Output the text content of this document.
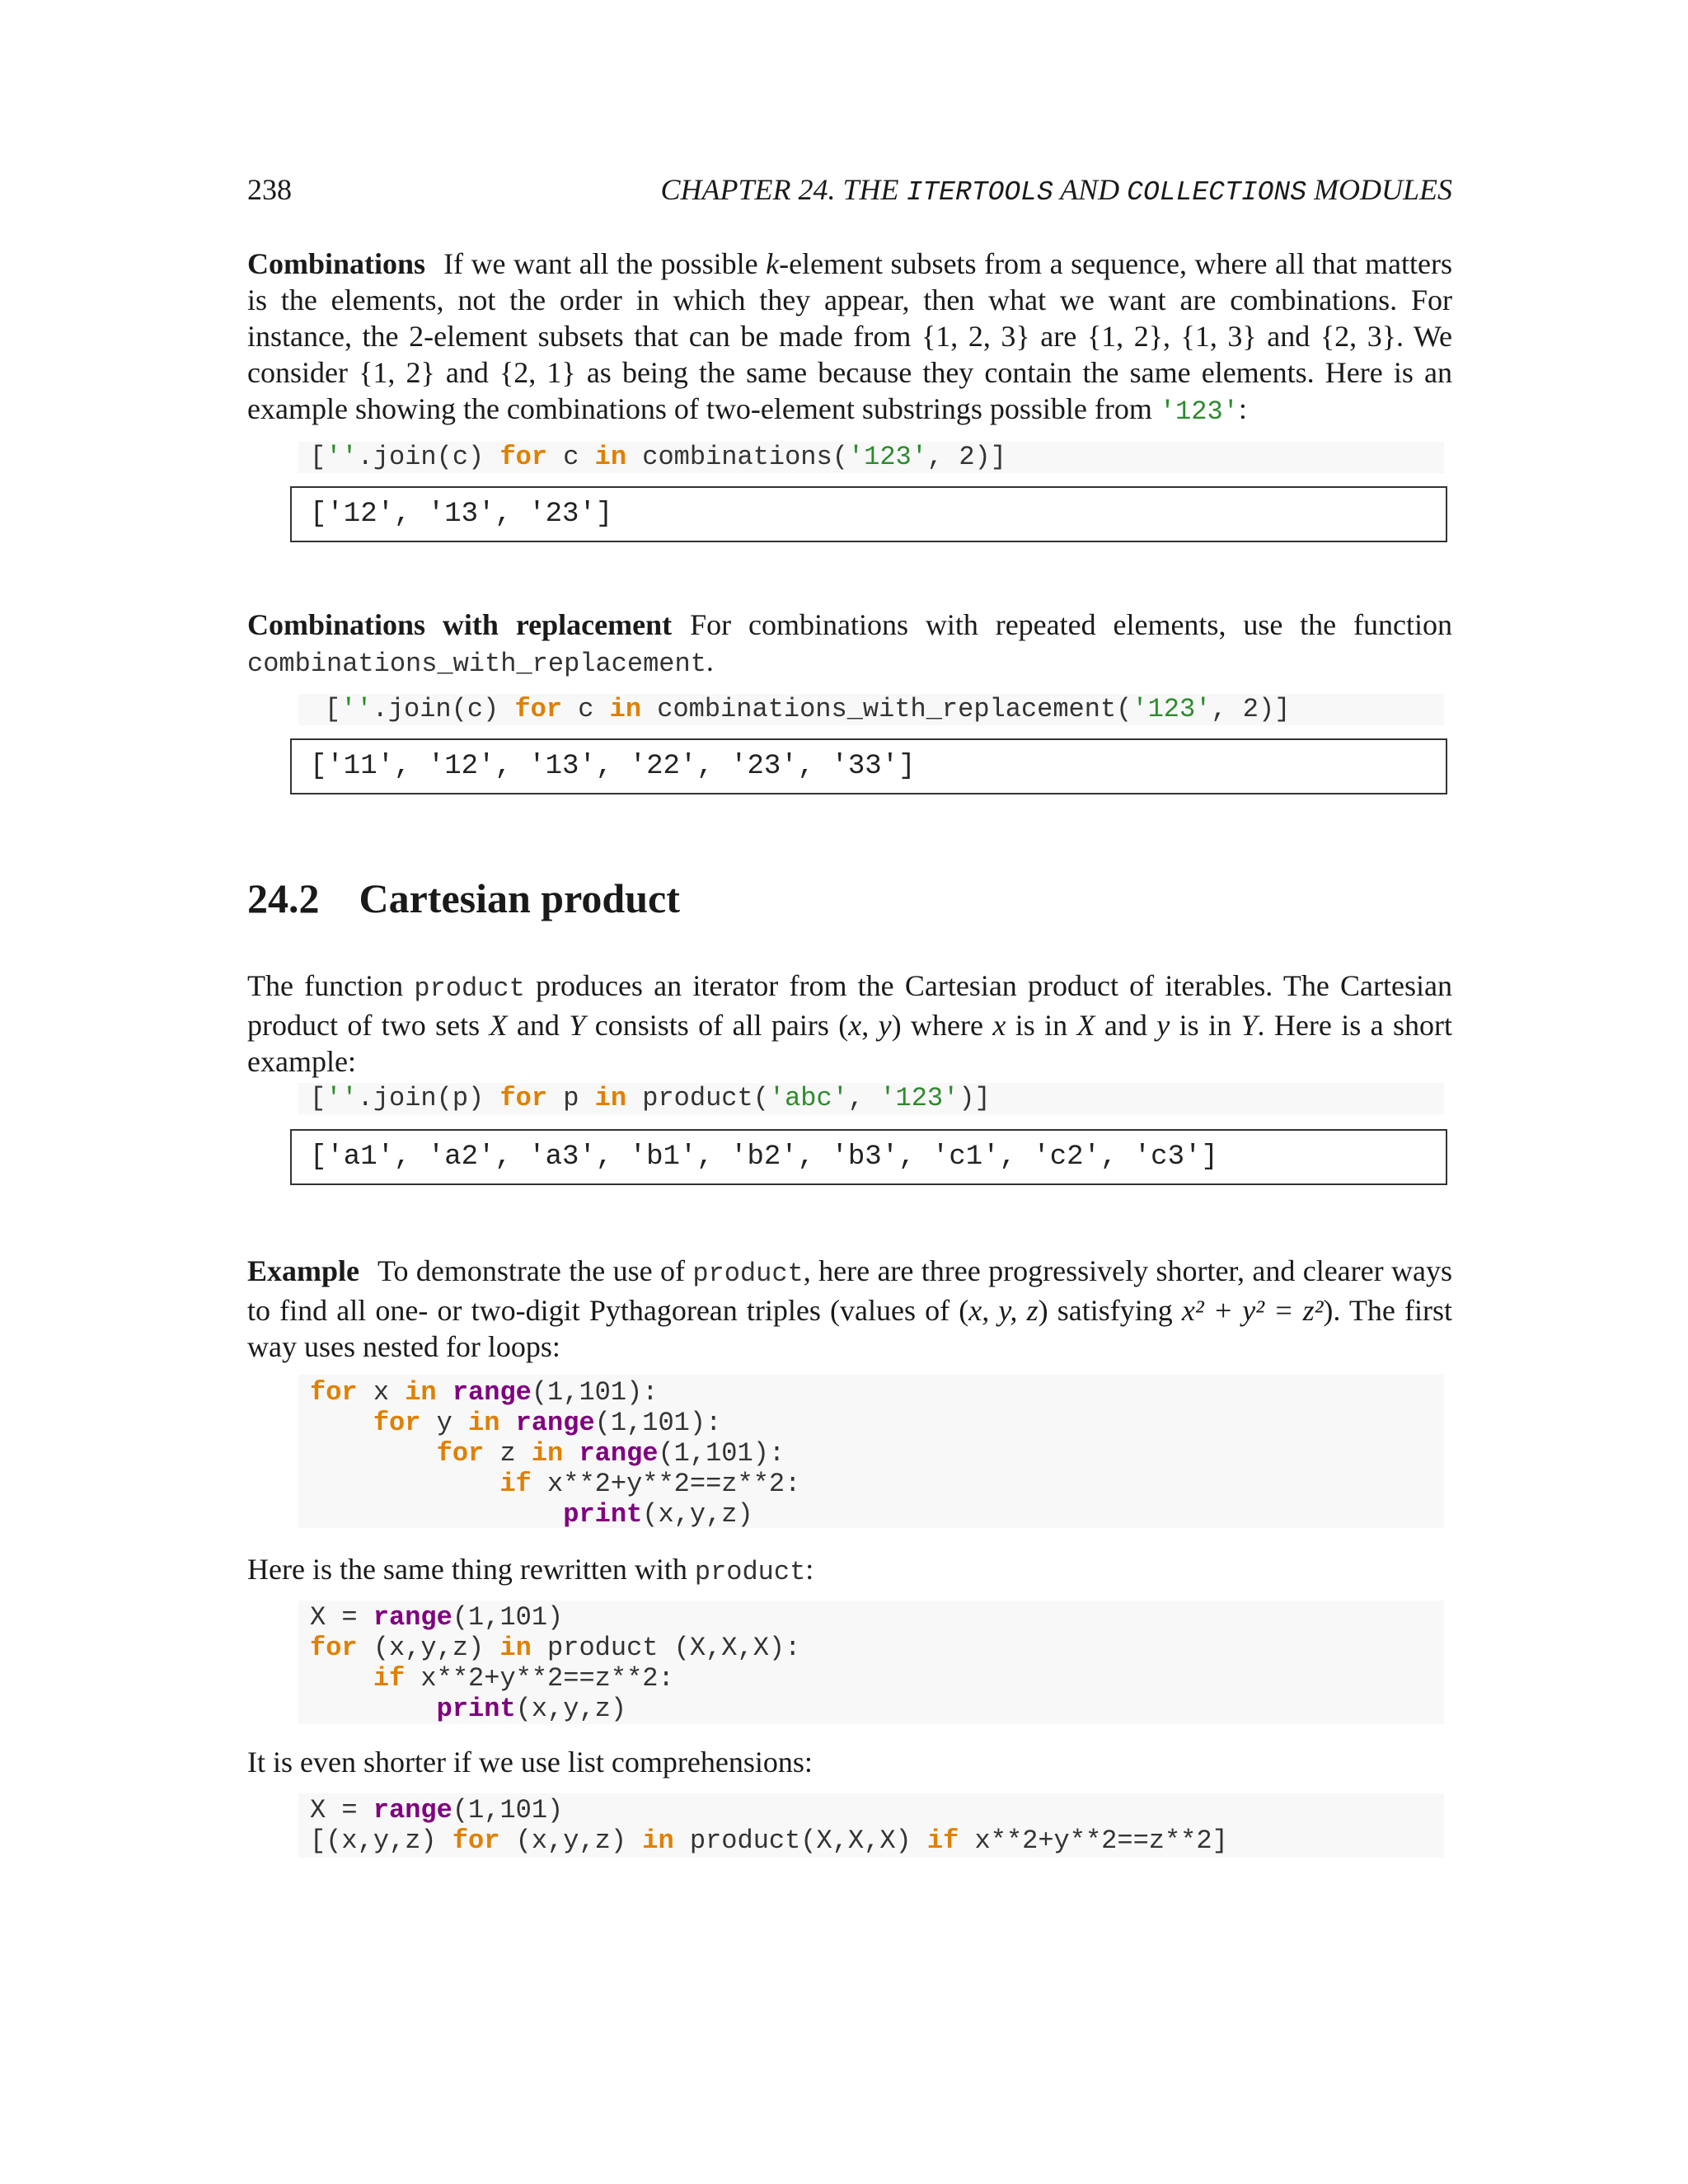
238	CHAPTER 24. THE ITERTOOLS AND COLLECTIONS MODULES

Combinations If we want all the possible k-element subsets from a sequence, where all that matters is the elements, not the order in which they appear, then what we want are combinations. For instance, the 2-element subsets that can be made from {1, 2, 3} are {1, 2}, {1, 3} and {2, 3}. We consider {1, 2} and {2, 1} as being the same because they contain the same elements. Here is an example showing the combinations of two-element substrings possible from '123':

[''.join(c) for c in combinations('123', 2)]
['12', '13', '23']

Combinations with replacement For combinations with repeated elements, use the function combinations_with_replacement.

[''.join(c) for c in combinations_with_replacement('123', 2)]
['11', '12', '13', '22', '23', '33']
24.2 Cartesian product

The function product produces an iterator from the Cartesian product of iterables. The Cartesian product of two sets X and Y consists of all pairs (x, y) where x is in X and y is in Y. Here is a short example:

[''.join(p) for p in product('abc', '123')]
['a1', 'a2', 'a3', 'b1', 'b2', 'b3', 'c1', 'c2', 'c3']

Example To demonstrate the use of product, here are three progressively shorter, and clearer ways to find all one- or two-digit Pythagorean triples (values of (x, y, z) satisfying x² + y² = z²). The first way uses nested for loops:

for x in range(1,101):
for y in range(1,101):
for z in range(1,101):
if x**2+y**2==z**2:
print(x,y,z)

Here is the same thing rewritten with product:

X = range(1,101)
for (x,y,z) in product (X,X,X):
if x**2+y**2==z**2:
print(x,y,z)

It is even shorter if we use list comprehensions:

X = range(1,101)
[(x,y,z) for (x,y,z) in product(X,X,X) if x**2+y**2==z**2]
